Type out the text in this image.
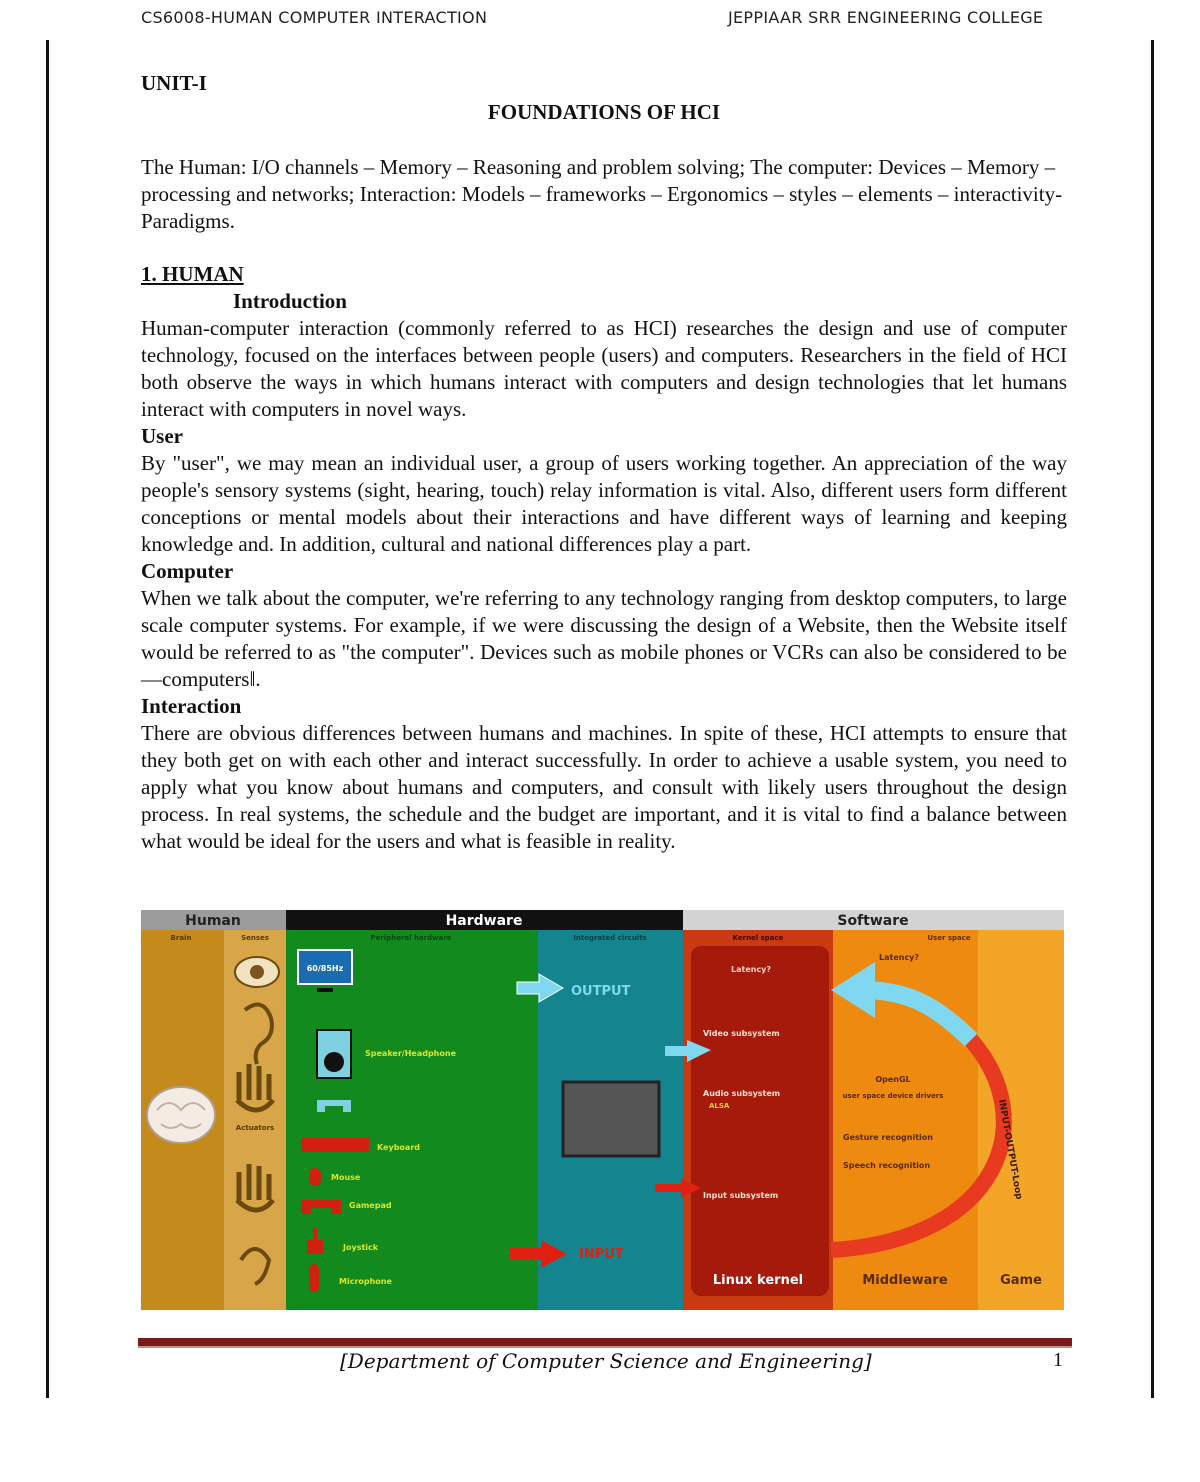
CS6008-HUMAN COMPUTER INTERACTION	JEPPIAAR SRR ENGINEERING COLLEGE

UNIT-I

FOUNDATIONS OF HCI

The Human: I/O channels – Memory – Reasoning and problem solving; The computer: Devices – Memory – processing and networks; Interaction: Models – frameworks – Ergonomics – styles – elements – interactivity- Paradigms.

1. HUMAN

Introduction

Human-computer interaction (commonly referred to as HCI) researches the design and use of computer technology, focused on the interfaces between people (users) and computers. Researchers in the field of HCI both observe the ways in which humans interact with computers and design technologies that let humans interact with computers in novel ways.

User

By "user", we may mean an individual user, a group of users working together. An appreciation of the way people's sensory systems (sight, hearing, touch) relay information is vital. Also, different users form different conceptions or mental models about their interactions and have different ways of learning and keeping knowledge and. In addition, cultural and national differences play a part.

Computer

When we talk about the computer, we're referring to any technology ranging from desktop computers, to large scale computer systems. For example, if we were discussing the design of a Website, then the Website itself would be referred to as "the computer". Devices such as mobile phones or VCRs can also be considered to be ―computers‖.

Interaction

There are obvious differences between humans and machines. In spite of these, HCI attempts to ensure that they both get on with each other and interact successfully. In order to achieve a usable system, you need to apply what you know about humans and computers, and consult with likely users throughout the design process. In real systems, the schedule and the budget are important, and it is vital to find a balance between what would be ideal for the users and what is feasible in reality.

Human	Hardware	Software
Brain	Senses	Peripheral hardware	Integrated circuits	Kernel space	User space
Actuators
60/85Hz
Speaker/Headphone
Keyboard
Mouse
Gamepad
Joystick
Microphone
OUTPUT
INPUT
Latency?
Video subsystem
Audio subsystem
ALSA
Input subsystem
Linux kernel
Latency?
OpenGL
user space device drivers
Gesture recognition
Speech recognition
Middleware	Game
INPUT-OUTPUT-Loop
[Department of Computer Science and Engineering]	1
